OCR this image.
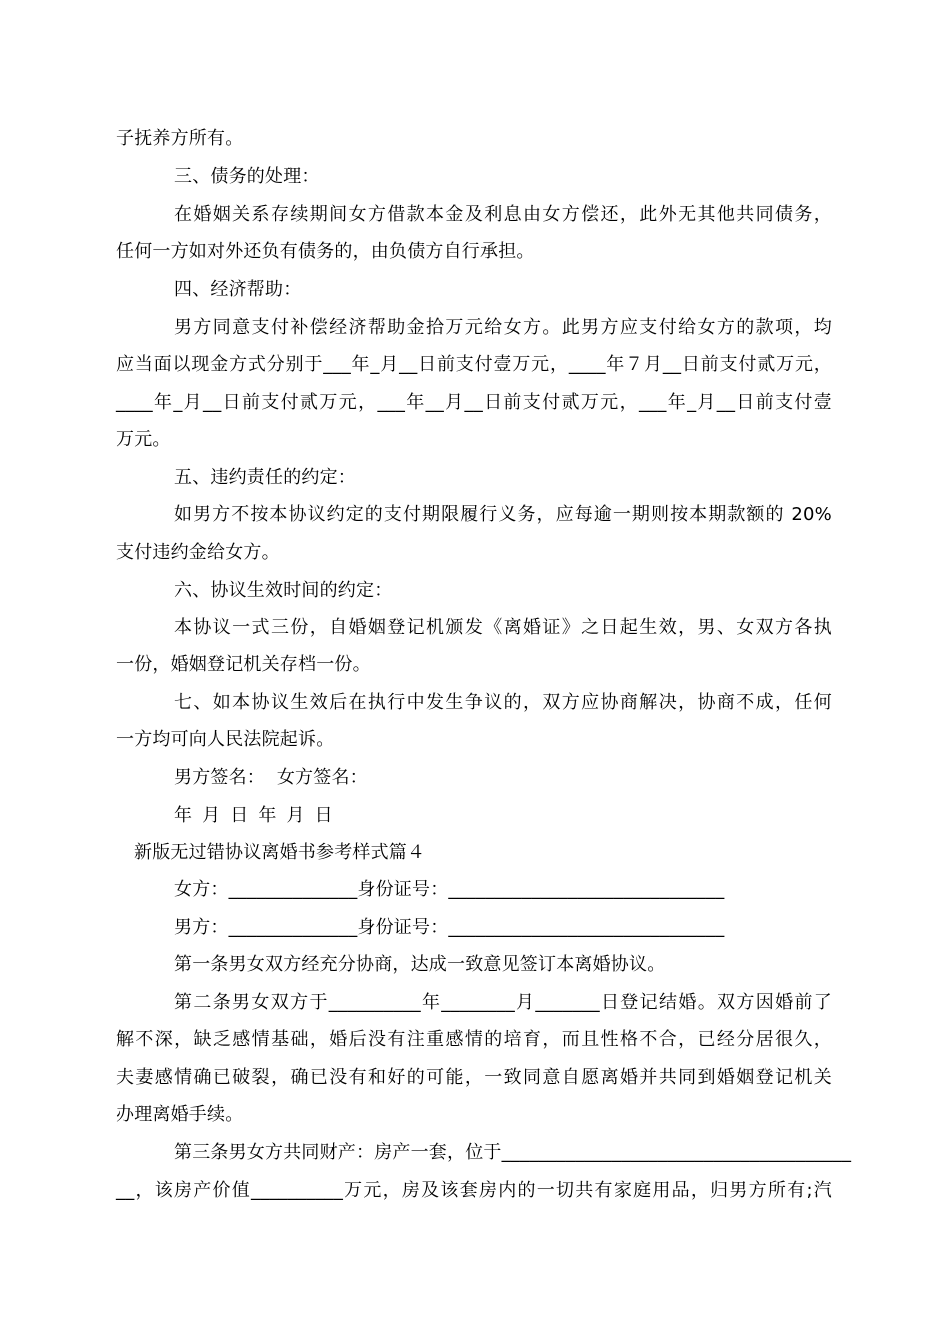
子抚养方所有。
三、债务的处理：
在婚姻关系存续期间女方借款本金及利息由女方偿还，此外无其他共同债务，
任何一方如对外还负有债务的，由负债方自行承担。
四、经济帮助：
男方同意支付补偿经济帮助金拾万元给女方。此男方应支付给女方的款项，均
应当面以现金方式分别于___年_月__日前支付壹万元，____年７月__日前支付贰万元，
____年_月__日前支付贰万元，___年__月__日前支付贰万元，___年_月__日前支付壹
万元。
五、违约责任的约定：
如男方不按本协议约定的支付期限履行义务，应每逾一期则按本期款额的 20%
支付违约金给女方。
六、协议生效时间的约定：
本协议一式三份，自婚姻登记机颁发《离婚证》之日起生效，男、女双方各执
一份，婚姻登记机关存档一份。
七、如本协议生效后在执行中发生争议的，双方应协商解决，协商不成，任何
一方均可向人民法院起诉。
男方签名：  女方签名：
年 月 日 年 月 日
新版无过错协议离婚书参考样式篇４
女方：______________身份证号：______________________________
男方：______________身份证号：______________________________
第一条男女双方经充分协商，达成一致意见签订本离婚协议。
第二条男女双方于__________年________月_______日登记结婚。双方因婚前了
解不深，缺乏感情基础，婚后没有注重感情的培育，而且性格不合，已经分居很久，
夫妻感情确已破裂，确已没有和好的可能，一致同意自愿离婚并共同到婚姻登记机关
办理离婚手续。
第三条男女方共同财产：房产一套，位于______________________________________
__，该房产价值__________万元，房及该套房内的一切共有家庭用品，归男方所有;汽
